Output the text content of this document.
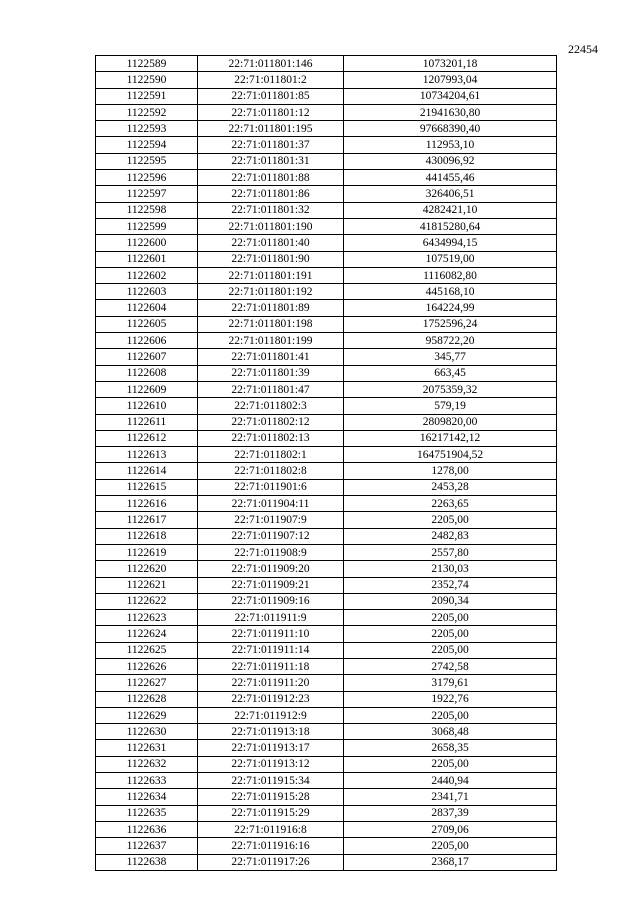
22454
1122589	22:71:011801:146	1073201,18
1122590	22:71:011801:2	1207993,04
1122591	22:71:011801:85	10734204,61
1122592	22:71:011801:12	21941630,80
1122593	22:71:011801:195	97668390,40
1122594	22:71:011801:37	112953,10
1122595	22:71:011801:31	430096,92
1122596	22:71:011801:88	441455,46
1122597	22:71:011801:86	326406,51
1122598	22:71:011801:32	4282421,10
1122599	22:71:011801:190	41815280,64
1122600	22:71:011801:40	6434994,15
1122601	22:71:011801:90	107519,00
1122602	22:71:011801:191	1116082,80
1122603	22:71:011801:192	445168,10
1122604	22:71:011801:89	164224,99
1122605	22:71:011801:198	1752596,24
1122606	22:71:011801:199	958722,20
1122607	22:71:011801:41	345,77
1122608	22:71:011801:39	663,45
1122609	22:71:011801:47	2075359,32
1122610	22:71:011802:3	579,19
1122611	22:71:011802:12	2809820,00
1122612	22:71:011802:13	16217142,12
1122613	22:71:011802:1	164751904,52
1122614	22:71:011802:8	1278,00
1122615	22:71:011901:6	2453,28
1122616	22:71:011904:11	2263,65
1122617	22:71:011907:9	2205,00
1122618	22:71:011907:12	2482,83
1122619	22:71:011908:9	2557,80
1122620	22:71:011909:20	2130,03
1122621	22:71:011909:21	2352,74
1122622	22:71:011909:16	2090,34
1122623	22:71:011911:9	2205,00
1122624	22:71:011911:10	2205,00
1122625	22:71:011911:14	2205,00
1122626	22:71:011911:18	2742,58
1122627	22:71:011911:20	3179,61
1122628	22:71:011912:23	1922,76
1122629	22:71:011912:9	2205,00
1122630	22:71:011913:18	3068,48
1122631	22:71:011913:17	2658,35
1122632	22:71:011913:12	2205,00
1122633	22:71:011915:34	2440,94
1122634	22:71:011915:28	2341,71
1122635	22:71:011915:29	2837,39
1122636	22:71:011916:8	2709,06
1122637	22:71:011916:16	2205,00
1122638	22:71:011917:26	2368,17
